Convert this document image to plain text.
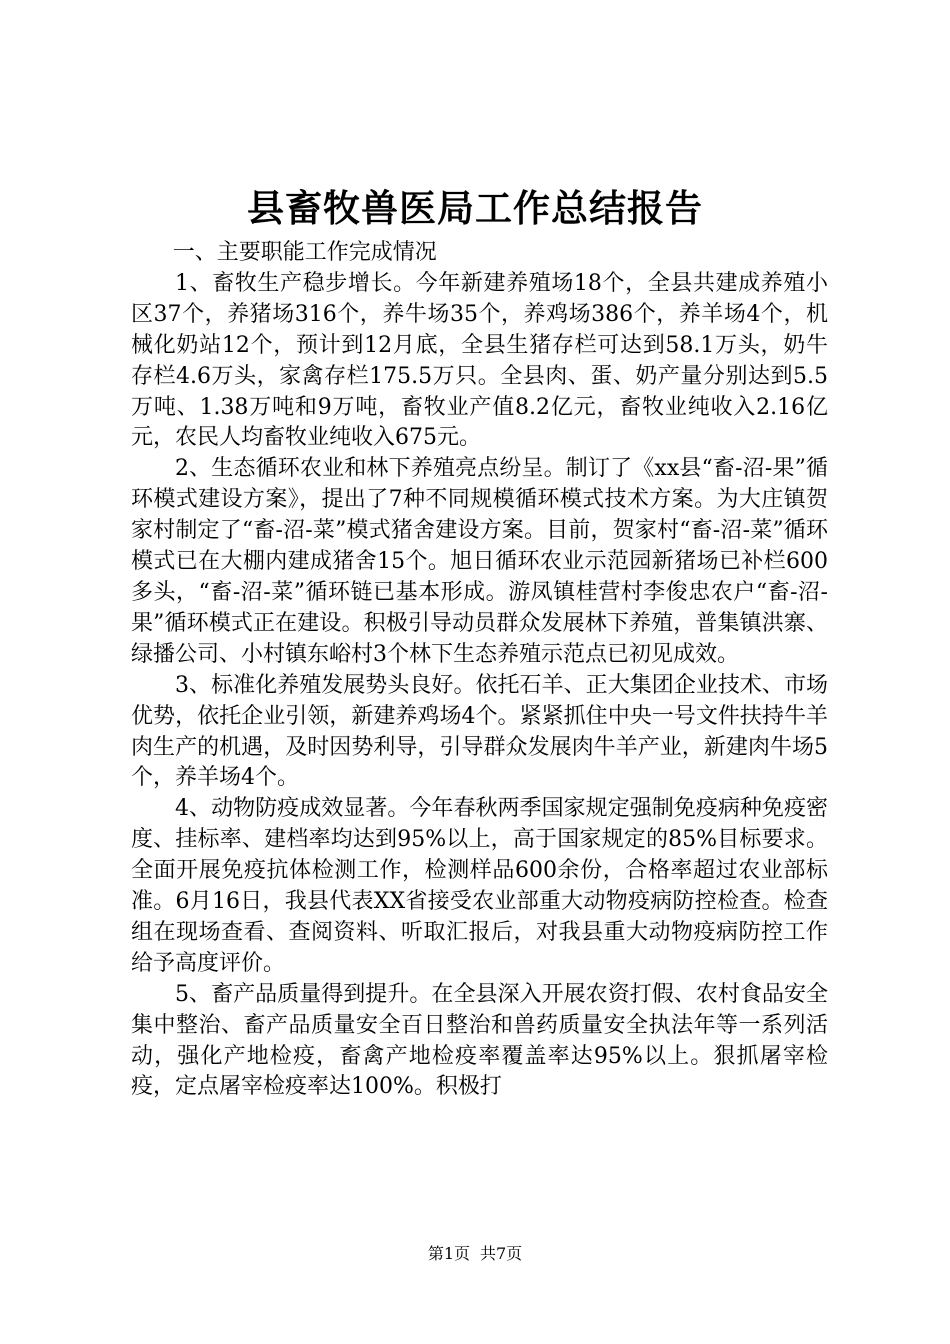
县畜牧兽医局工作总结报告

一、主要职能工作完成情况

1、畜牧生产稳步增长。今年新建养殖场18个，全县共建成养殖小区37个，养猪场316个，养牛场35个，养鸡场386个，养羊场4个，机械化奶站12个，预计到12月底，全县生猪存栏可达到58.1万头，奶牛存栏4.6万头，家禽存栏175.5万只。全县肉、蛋、奶产量分别达到5.5万吨、1.38万吨和9万吨，畜牧业产值8.2亿元，畜牧业纯收入2.16亿元，农民人均畜牧业纯收入675元。

2、生态循环农业和林下养殖亮点纷呈。制订了《xx县“畜-沼-果”循环模式建设方案》，提出了7种不同规模循环模式技术方案。为大庄镇贺家村制定了“畜-沼-菜”模式猪舍建设方案。目前，贺家村“畜-沼-菜”循环模式已在大棚内建成猪舍15个。旭日循环农业示范园新猪场已补栏600多头，“畜-沼-菜”循环链已基本形成。游凤镇桂营村李俊忠农户“畜-沼-果”循环模式正在建设。积极引导动员群众发展林下养殖，普集镇洪寨、绿播公司、小村镇东峪村3个林下生态养殖示范点已初见成效。

3、标准化养殖发展势头良好。依托石羊、正大集团企业技术、市场优势，依托企业引领，新建养鸡场4个。紧紧抓住中央一号文件扶持牛羊肉生产的机遇，及时因势利导，引导群众发展肉牛羊产业，新建肉牛场5个，养羊场4个。

4、动物防疫成效显著。今年春秋两季国家规定强制免疫病种免疫密度、挂标率、建档率均达到95%以上，高于国家规定的85%目标要求。全面开展免疫抗体检测工作，检测样品600余份，合格率超过农业部标准。6月16日，我县代表XX省接受农业部重大动物疫病防控检查。检查组在现场查看、查阅资料、听取汇报后，对我县重大动物疫病防控工作给予高度评价。

5、畜产品质量得到提升。在全县深入开展农资打假、农村食品安全集中整治、畜产品质量安全百日整治和兽药质量安全执法年等一系列活动，强化产地检疫，畜禽产地检疫率覆盖率达95%以上。狠抓屠宰检疫，定点屠宰检疫率达100%。积极打

第1页 共7页
